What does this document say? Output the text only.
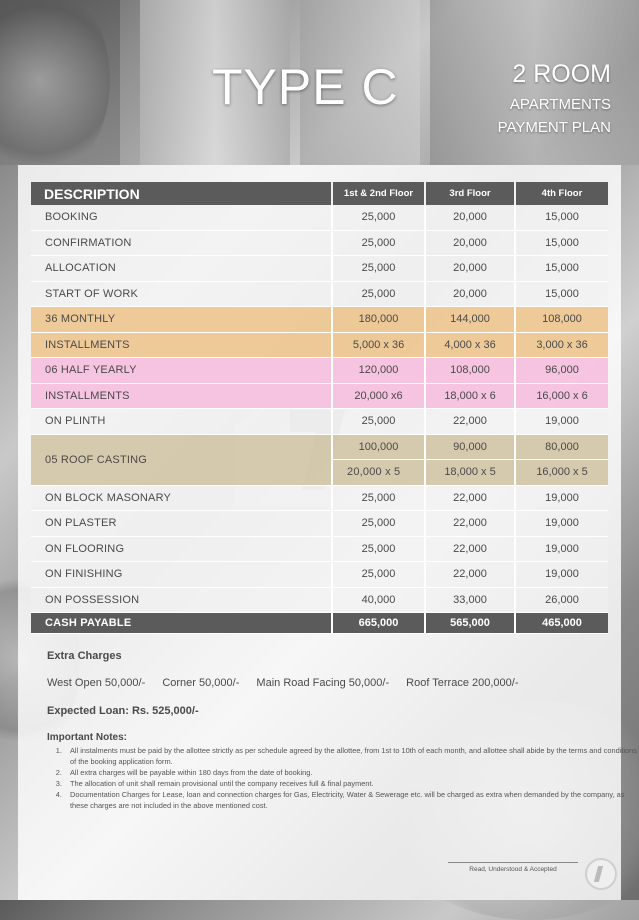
TYPE C	2 ROOM
APARTMENTS
PAYMENT PLAN
DESCRIPTION	1st & 2nd Floor	3rd Floor	4th Floor
BOOKING	25,000	20,000	15,000
CONFIRMATION	25,000	20,000	15,000
ALLOCATION	25,000	20,000	15,000
START OF WORK	25,000	20,000	15,000
36 MONTHLY	180,000	144,000	108,000
INSTALLMENTS	5,000 x 36	4,000 x 36	3,000 x 36
06 HALF YEARLY	120,000	108,000	96,000
INSTALLMENTS	20,000 x6	18,000 x 6	16,000 x 6
ON PLINTH	25,000	22,000	19,000
05 ROOF CASTING	100,000	90,000	80,000
	20,000 x 5	18,000 x 5	16,000 x 5
ON BLOCK MASONARY	25,000	22,000	19,000
ON PLASTER	25,000	22,000	19,000
ON FLOORING	25,000	22,000	19,000
ON FINISHING	25,000	22,000	19,000
ON POSSESSION	40,000	33,000	26,000
CASH PAYABLE	665,000	565,000	465,000
Extra Charges
West Open 50,000/- Corner 50,000/- Main Road Facing 50,000/- Roof Terrace 200,000/-
Expected Loan: Rs. 525,000/-
Important Notes:
1. All instalments must be paid by the allottee strictly as per schedule agreed by the allottee, from 1st to 10th of each month, and allottee shall abide by the terms and conditions of the booking application form.
2. All extra charges will be payable within 180 days from the date of booking.
3. The allocation of unit shall remain provisional until the company receives full & final payment.
4. Documentation Charges for Lease, loan and connection charges for Gas, Electricity, Water & Sewerage etc. will be charged as extra when demanded by the company, as these charges are not included in the above mentioned cost.
Read, Understood & Accepted
